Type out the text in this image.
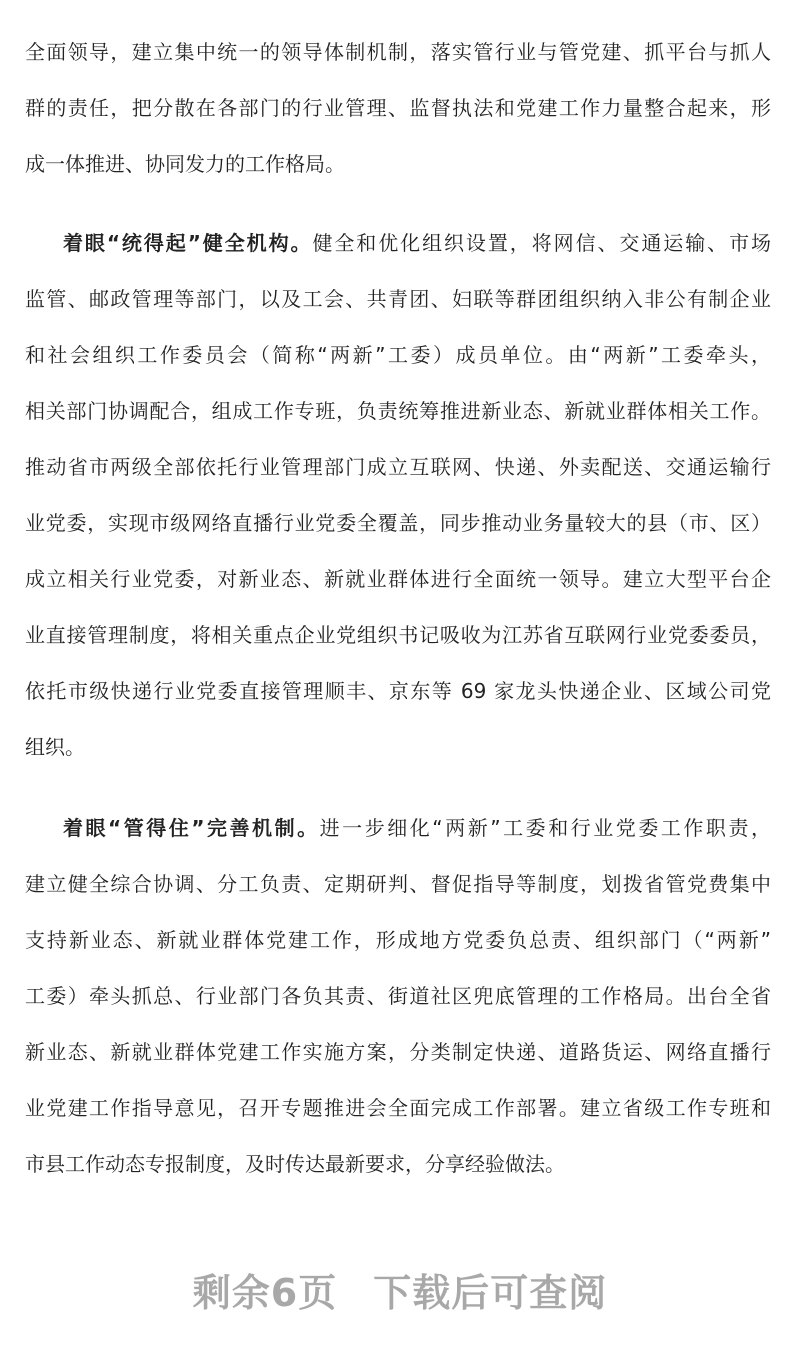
全面领导，建立集中统一的领导体制机制，落实管行业与管党建、抓平台与抓人
群的责任，把分散在各部门的行业管理、监督执法和党建工作力量整合起来，形
成一体推进、协同发力的工作格局。
着眼“统得起”健全机构。健全和优化组织设置，将网信、交通运输、市场
监管、邮政管理等部门，以及工会、共青团、妇联等群团组织纳入非公有制企业
和社会组织工作委员会（简称“两新”工委）成员单位。由“两新”工委牵头，
相关部门协调配合，组成工作专班，负责统筹推进新业态、新就业群体相关工作。
推动省市两级全部依托行业管理部门成立互联网、快递、外卖配送、交通运输行
业党委，实现市级网络直播行业党委全覆盖，同步推动业务量较大的县（市、区）
成立相关行业党委，对新业态、新就业群体进行全面统一领导。建立大型平台企
业直接管理制度，将相关重点企业党组织书记吸收为江苏省互联网行业党委委员，
依托市级快递行业党委直接管理顺丰、京东等 69 家龙头快递企业、区域公司党
组织。
着眼“管得住”完善机制。进一步细化“两新”工委和行业党委工作职责，
建立健全综合协调、分工负责、定期研判、督促指导等制度，划拨省管党费集中
支持新业态、新就业群体党建工作，形成地方党委负总责、组织部门（“两新”
工委）牵头抓总、行业部门各负其责、街道社区兜底管理的工作格局。出台全省
新业态、新就业群体党建工作实施方案，分类制定快递、道路货运、网络直播行
业党建工作指导意见，召开专题推进会全面完成工作部署。建立省级工作专班和
市县工作动态专报制度，及时传达最新要求，分享经验做法。
剩余6页 下载后可查阅
